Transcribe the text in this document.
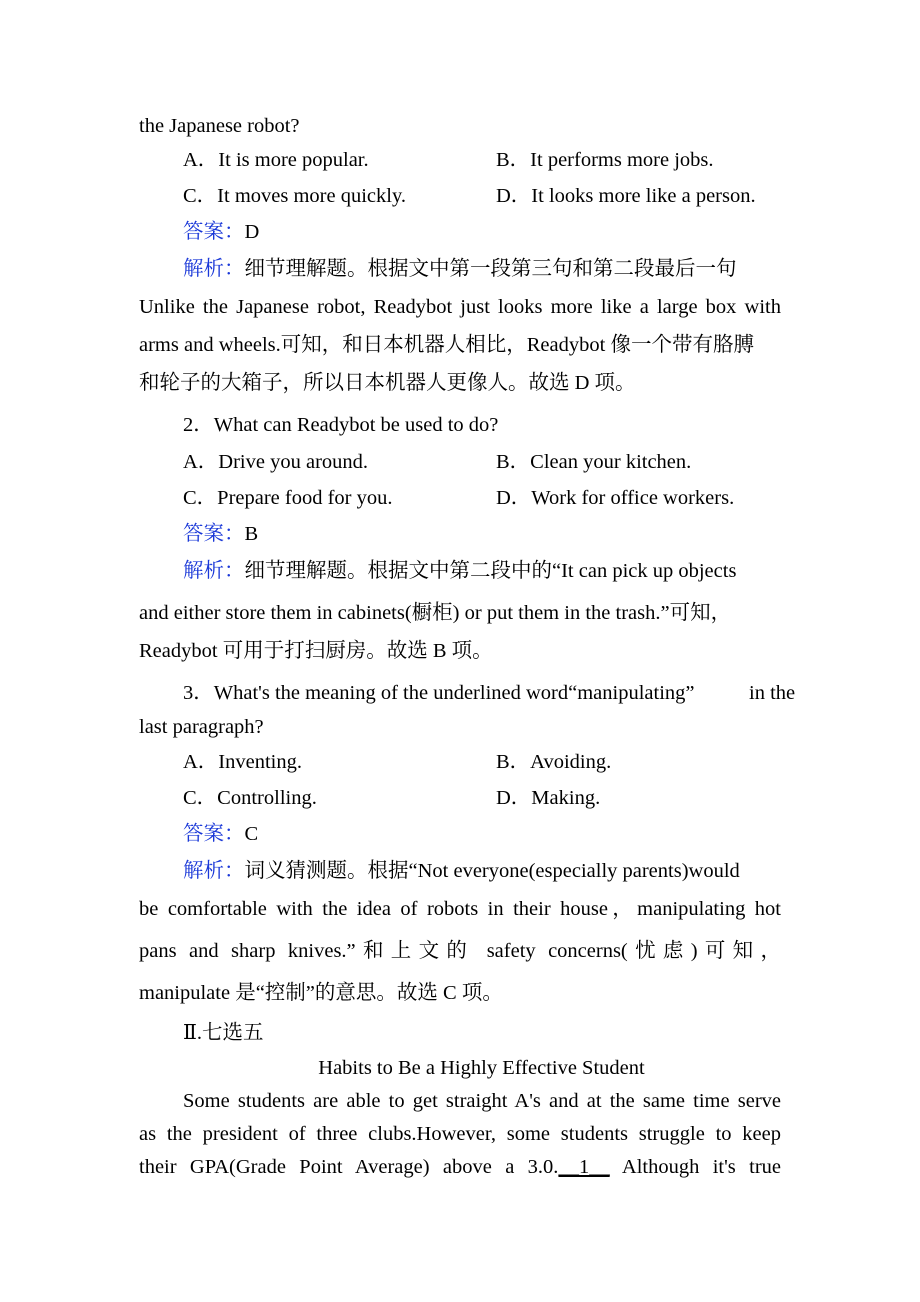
the Japanese robot?
A．It is more popular.	B．It performs more jobs.
C．It moves more quickly.	D．It looks more like a person.
答案：D
解析：细节理解题。根据文中第一段第三句和第二段最后一句
Unlike the Japanese robot, Readybot just looks more like a large box with
arms and wheels.可知，和日本机器人相比，Readybot 像一个带有胳膊
和轮子的大箱子，所以日本机器人更像人。故选 D 项。
2．What can Readybot be used to do?
A．Drive you around.	B．Clean your kitchen.
C．Prepare food for you.	D．Work for office workers.
答案：B
解析：细节理解题。根据文中第二段中的“It can pick up objects
and either store them in cabinets(橱柜) or put them in the trash.”可知，
Readybot 可用于打扫厨房。故选 B 项。
3．What's the meaning of the underlined word“manipulating”	in the
last paragraph?
A．Inventing.	B．Avoiding.
C．Controlling.	D．Making.
答案：C
解析：词义猜测题。根据“Not everyone(especially parents)would
be comfortable with the idea of robots in their house，manipulating hot
pans and sharp knives.”和上文的 safety concerns(忧虑)可知，
manipulate 是“控制”的意思。故选 C 项。
Ⅱ.七选五
Habits to Be a Highly Effective Student
Some students are able to get straight A's and at the same time serve
as the president of three clubs.However, some students struggle to keep
their GPA(Grade Point Average) above a 3.0.__1__ Although it's true
